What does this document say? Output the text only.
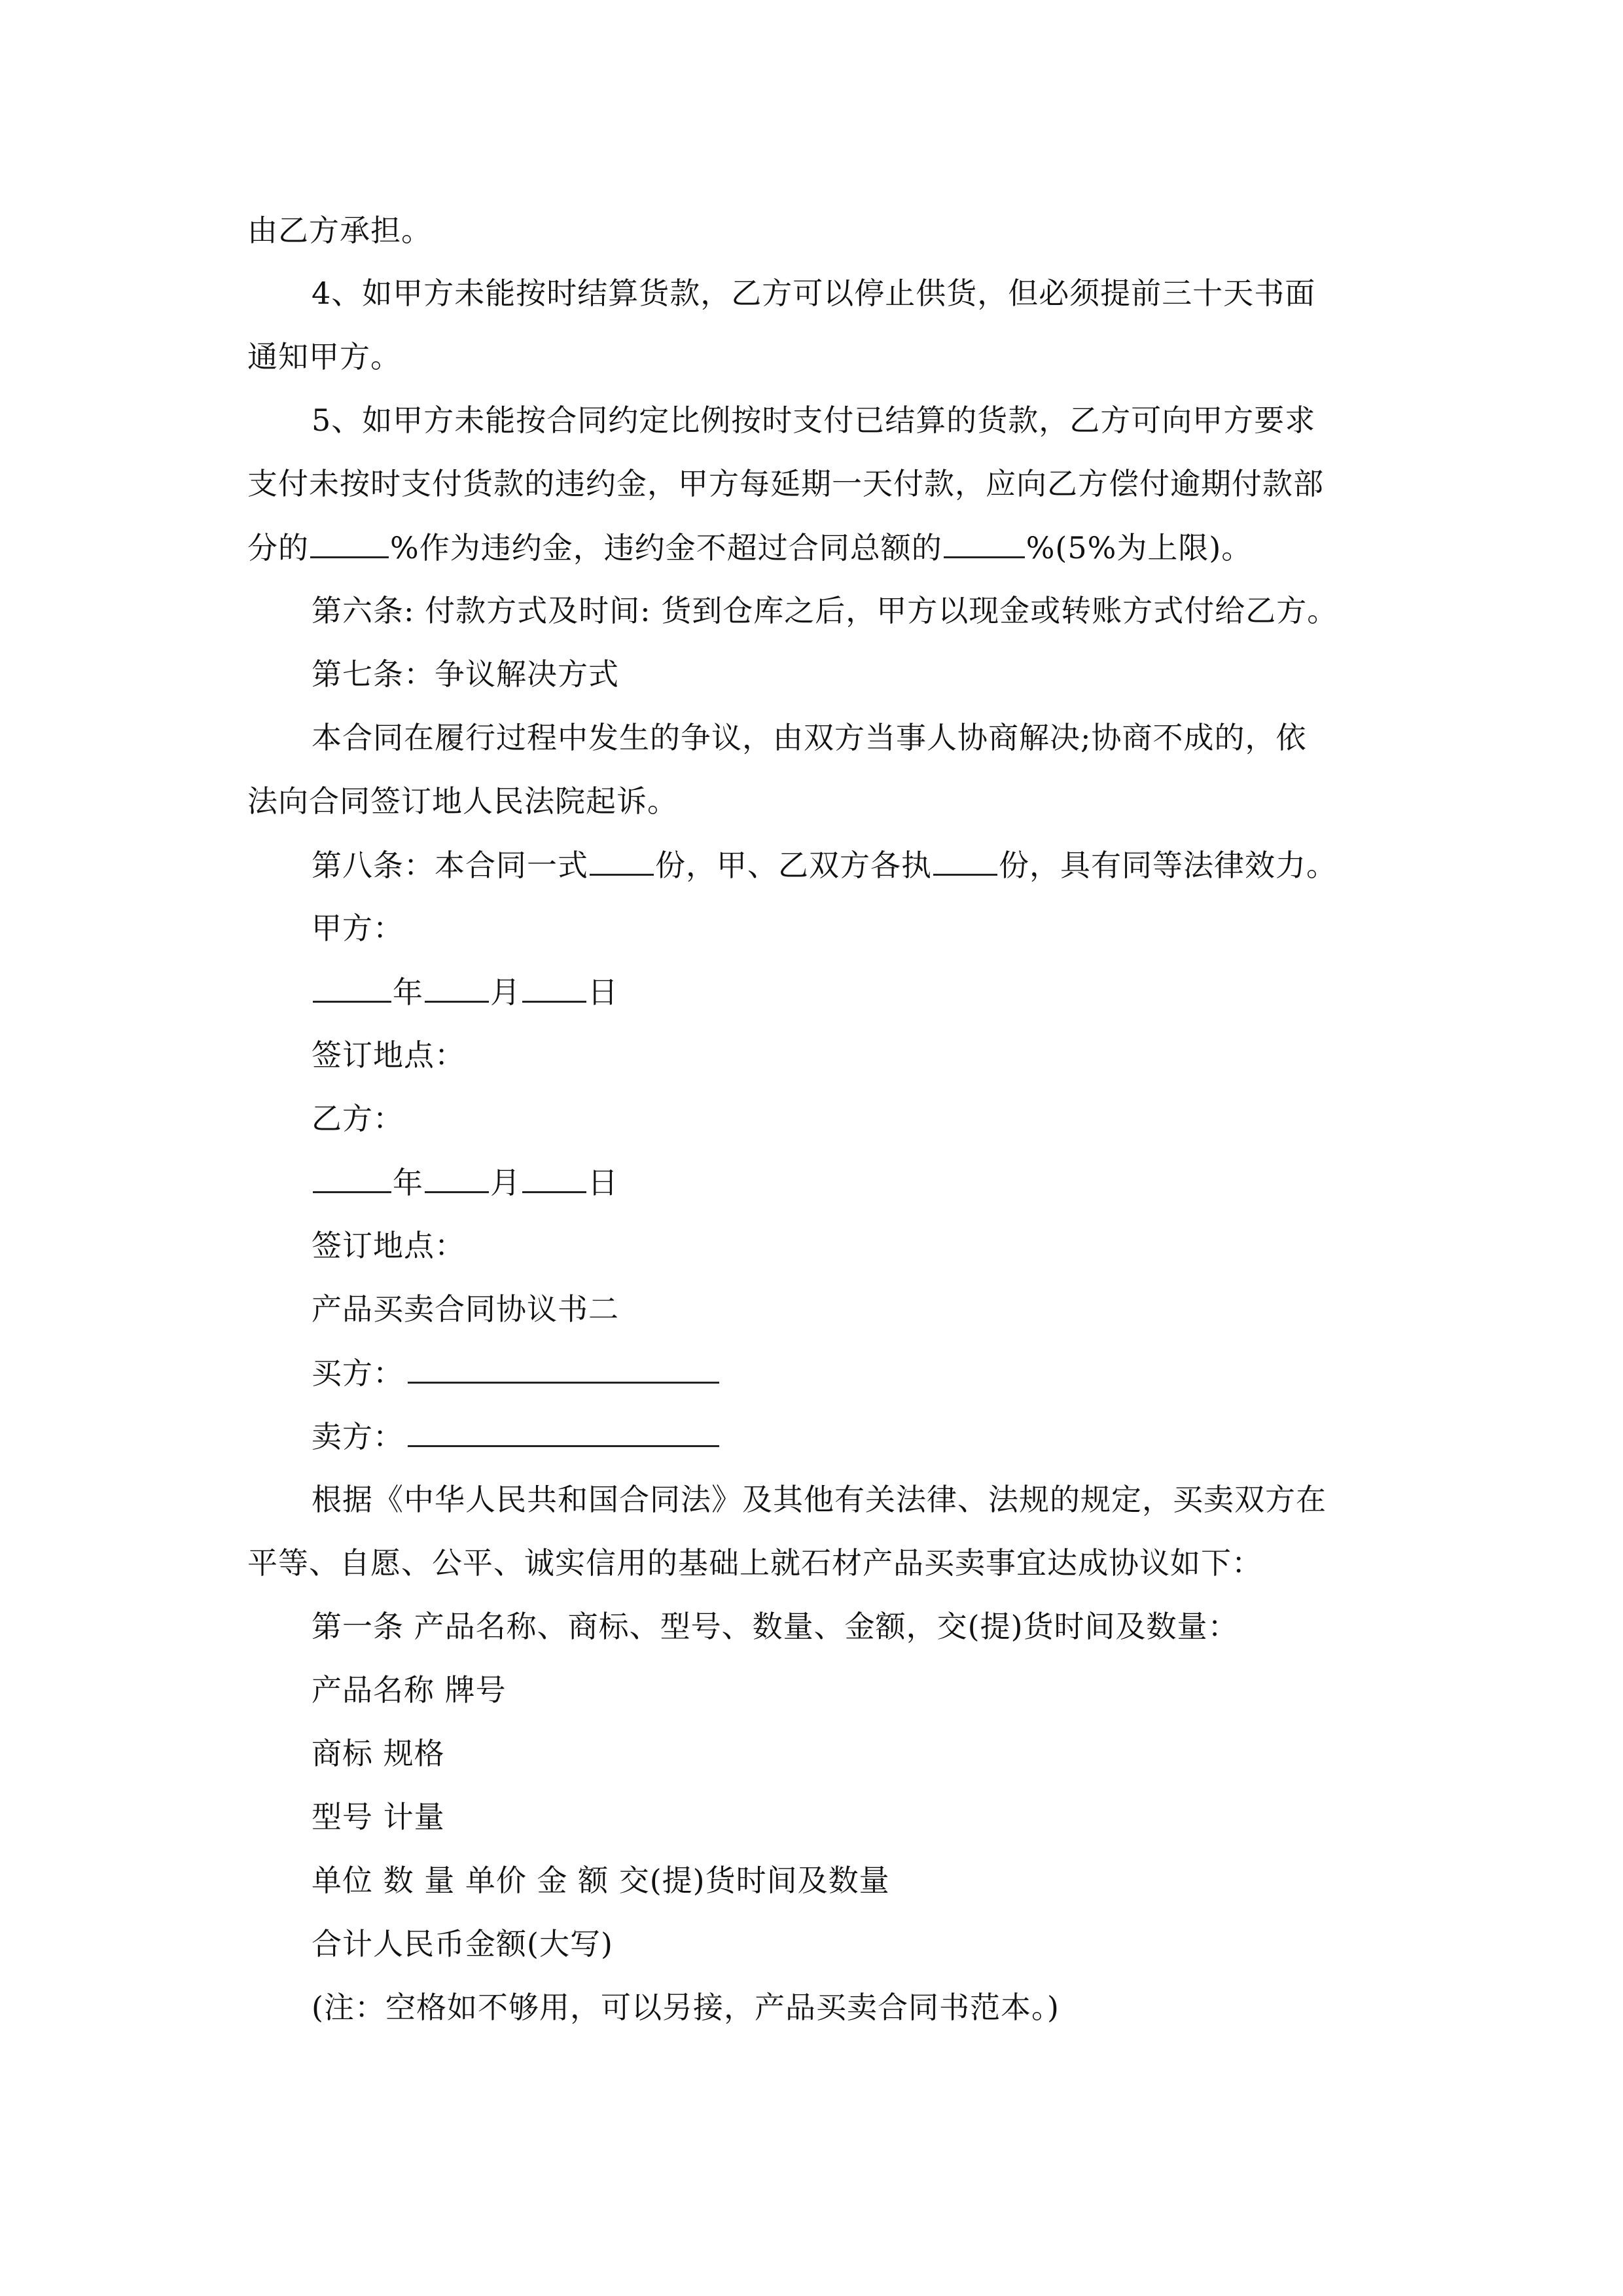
由乙方承担。
4、如甲方未能按时结算货款，乙方可以停止供货，但必须提前三十天书面
通知甲方。
5、如甲方未能按合同约定比例按时支付已结算的货款，乙方可向甲方要求
支付未按时支付货款的违约金，甲方每延期一天付款，应向乙方偿付逾期付款部
分的	%作为违约金，违约金不超过合同总额的	%(5%为上限)。
第六条: 付款方式及时间: 货到仓库之后，甲方以现金或转账方式付给乙方。
第七条：争议解决方式
本合同在履行过程中发生的争议，由双方当事人协商解决;协商不成的，依
法向合同签订地人民法院起诉。
第八条：本合同一式 份，甲、乙双方各执 份，具有同等法律效力。
甲方：
年 月 日
签订地点：
乙方：
年 月 日
签订地点：
产品买卖合同协议书二
买方：
卖方：
根据《中华人民共和国合同法》及其他有关法律、法规的规定，买卖双方在
平等、自愿、公平、诚实信用的基础上就石材产品买卖事宜达成协议如下：
第一条 产品名称、商标、型号、数量、金额，交(提)货时间及数量：
产品名称 牌号
商标 规格
型号 计量
单位 数 量 单价 金 额 交(提)货时间及数量
合计人民币金额(大写)
(注：空格如不够用，可以另接，产品买卖合同书范本。)
